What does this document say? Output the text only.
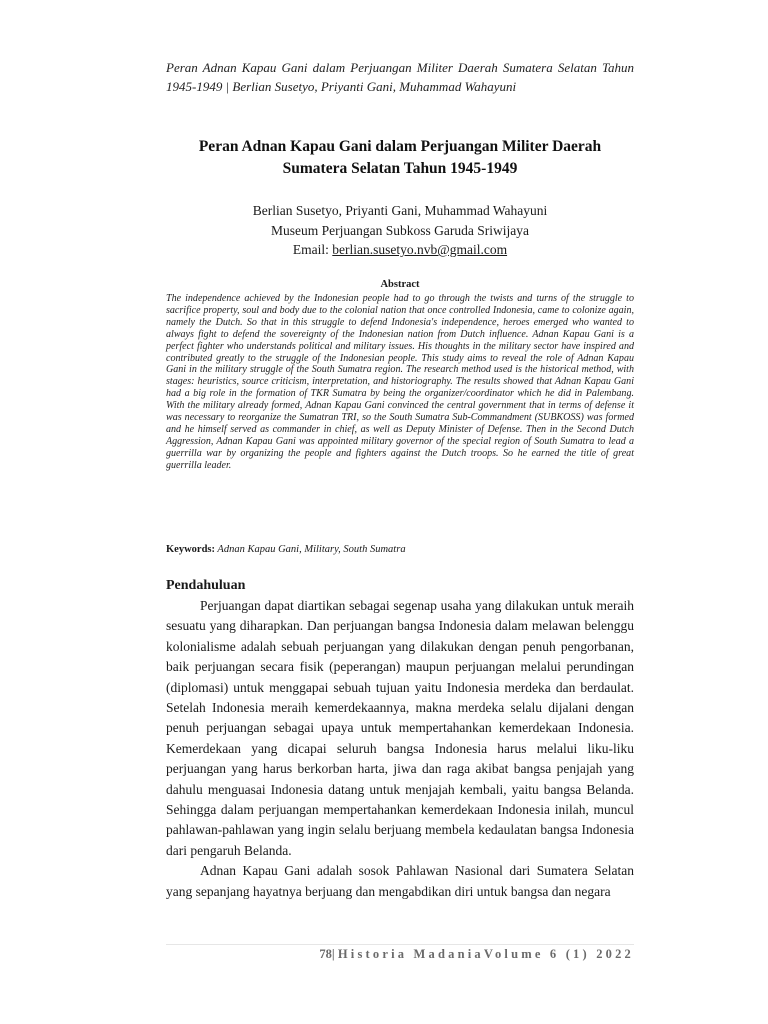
Peran Adnan Kapau Gani dalam Perjuangan Militer Daerah Sumatera Selatan Tahun 1945-1949 | Berlian Susetyo, Priyanti Gani, Muhammad Wahayuni
Peran Adnan Kapau Gani dalam Perjuangan Militer Daerah
Sumatera Selatan Tahun 1945-1949
Berlian Susetyo, Priyanti Gani, Muhammad Wahayuni
Museum Perjuangan Subkoss Garuda Sriwijaya
Email: berlian.susetyo.nvb@gmail.com
Abstract
The independence achieved by the Indonesian people had to go through the twists and turns of the struggle to sacrifice property, soul and body due to the colonial nation that once controlled Indonesia, came to colonize again, namely the Dutch. So that in this struggle to defend Indonesia's independence, heroes emerged who wanted to always fight to defend the sovereignty of the Indonesian nation from Dutch influence. Adnan Kapau Gani is a perfect fighter who understands political and military issues. His thoughts in the military sector have inspired and contributed greatly to the struggle of the Indonesian people. This study aims to reveal the role of Adnan Kapau Gani in the military struggle of the South Sumatra region. The research method used is the historical method, with stages: heuristics, source criticism, interpretation, and historiography. The results showed that Adnan Kapau Gani had a big role in the formation of TKR Sumatra by being the organizer/coordinator which he did in Palembang. With the military already formed, Adnan Kapau Gani convinced the central government that in terms of defense it was necessary to reorganize the Sumatran TRI, so the South Sumatra Sub-Commandment (SUBKOSS) was formed and he himself served as commander in chief, as well as Deputy Minister of Defense. Then in the Second Dutch Aggression, Adnan Kapau Gani was appointed military governor of the special region of South Sumatra to lead a guerrilla war by organizing the people and fighters against the Dutch troops. So he earned the title of great guerrilla leader.
Keywords: Adnan Kapau Gani, Military, South Sumatra
Pendahuluan

Perjuangan dapat diartikan sebagai segenap usaha yang dilakukan untuk meraih sesuatu yang diharapkan. Dan perjuangan bangsa Indonesia dalam melawan belenggu kolonialisme adalah sebuah perjuangan yang dilakukan dengan penuh pengorbanan, baik perjuangan secara fisik (peperangan) maupun perjuangan melalui perundingan (diplomasi) untuk menggapai sebuah tujuan yaitu Indonesia merdeka dan berdaulat. Setelah Indonesia meraih kemerdekaannya, makna merdeka selalu dijalani dengan penuh perjuangan sebagai upaya untuk mempertahankan kemerdekaan Indonesia. Kemerdekaan yang dicapai seluruh bangsa Indonesia harus melalui liku-liku perjuangan yang harus berkorban harta, jiwa dan raga akibat bangsa penjajah yang dahulu menguasai Indonesia datang untuk menjajah kembali, yaitu bangsa Belanda. Sehingga dalam perjuangan mempertahankan kemerdekaan Indonesia inilah, muncul pahlawan-pahlawan yang ingin selalu berjuang membela kedaulatan bangsa Indonesia dari pengaruh Belanda.

Adnan Kapau Gani adalah sosok Pahlawan Nasional dari Sumatera Selatan yang sepanjang hayatnya berjuang dan mengabdikan diri untuk bangsa dan negara

78|Historia MadaniaVolume 6 (1) 2022
